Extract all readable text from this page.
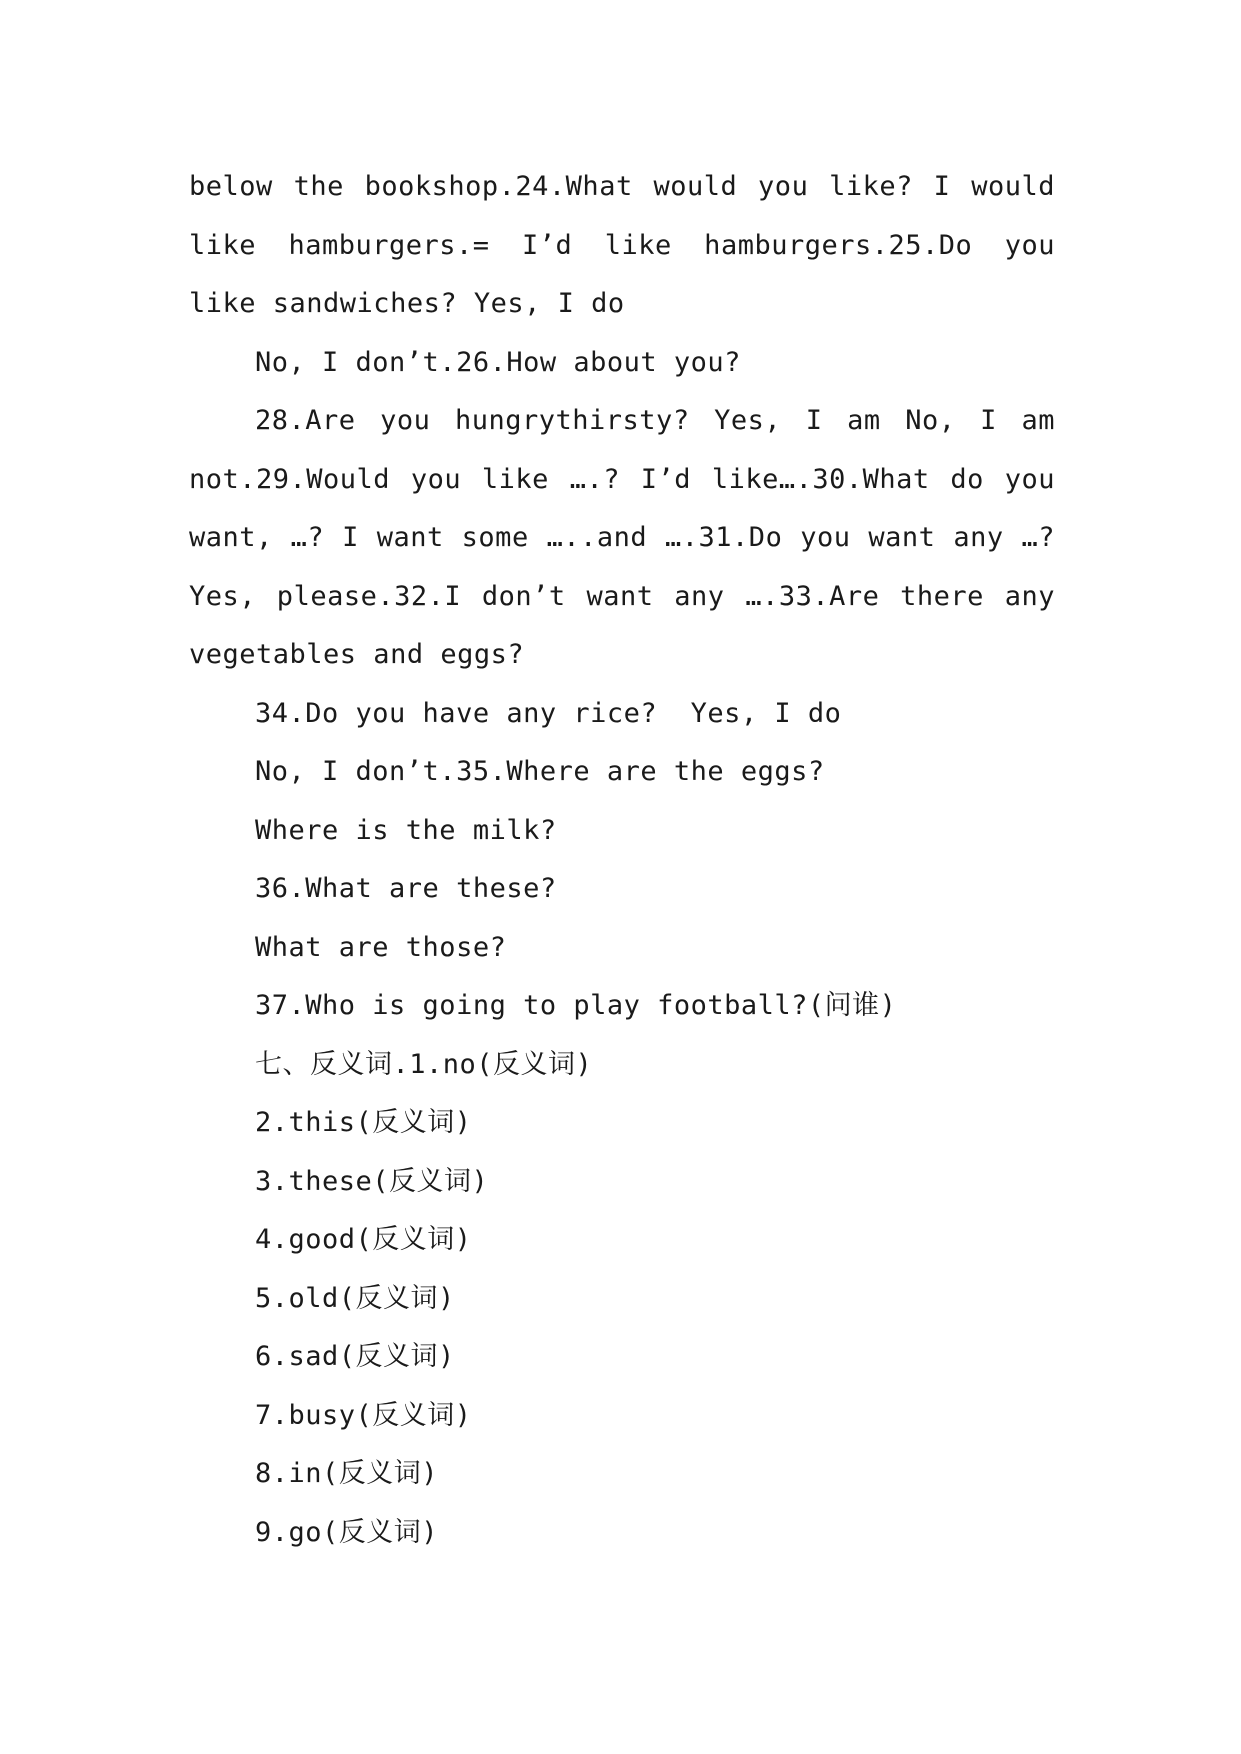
below the bookshop.24.What would you like? I would like hamburgers.= I’d like hamburgers.25.Do you like sandwiches? Yes, I do

No, I don’t.26.How about you?

28.Are you hungrythirsty? Yes, I am No, I am not.29.Would you like ….? I’d like….30.What do you want, …? I want some …..and ….31.Do you want any …? Yes, please.32.I don’t want any ….33.Are there any vegetables and eggs?

34.Do you have any rice?  Yes, I do

No, I don’t.35.Where are the eggs?

Where is the milk?

36.What are these?

What are those?

37.Who is going to play football?(问谁)

七、反义词.1.no(反义词)

2.this(反义词)

3.these(反义词)

4.good(反义词)

5.old(反义词)

6.sad(反义词)

7.busy(反义词)

8.in(反义词)

9.go(反义词)
